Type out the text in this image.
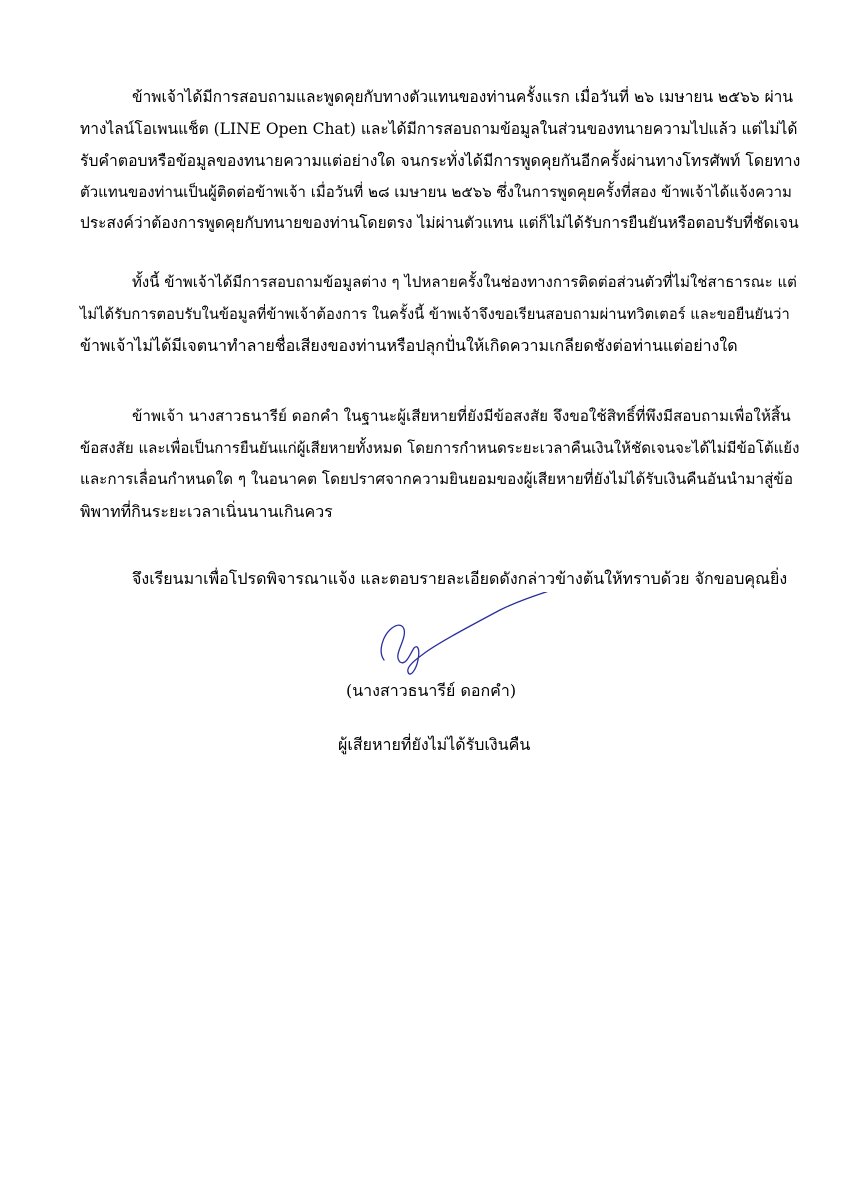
ข้าพเจ้าได้มีการสอบถามและพูดคุยกับทางตัวแทนของท่านครั้งแรก เมื่อวันที่ ๒๖ เมษายน ๒๕๖๖ ผ่าน
ทางไลน์โอเพนแช็ต (LINE Open Chat) และได้มีการสอบถามข้อมูลในส่วนของทนายความไปแล้ว แต่ไม่ได้
รับคำตอบหรือข้อมูลของทนายความแต่อย่างใด จนกระทั่งได้มีการพูดคุยกันอีกครั้งผ่านทางโทรศัพท์ โดยทาง
ตัวแทนของท่านเป็นผู้ติดต่อข้าพเจ้า เมื่อวันที่ ๒๘ เมษายน ๒๕๖๖ ซึ่งในการพูดคุยครั้งที่สอง ข้าพเจ้าได้แจ้งความ
ประสงค์ว่าต้องการพูดคุยกับทนายของท่านโดยตรง ไม่ผ่านตัวแทน แต่ก็ไม่ได้รับการยืนยันหรือตอบรับที่ชัดเจน
ทั้งนี้ ข้าพเจ้าได้มีการสอบถามข้อมูลต่าง ๆ ไปหลายครั้งในช่องทางการติดต่อส่วนตัวที่ไม่ใช่สาธารณะ แต่
ไม่ได้รับการตอบรับในข้อมูลที่ข้าพเจ้าต้องการ ในครั้งนี้ ข้าพเจ้าจึงขอเรียนสอบถามผ่านทวิตเตอร์ และขอยืนยันว่า
ข้าพเจ้าไม่ได้มีเจตนาทำลายชื่อเสียงของท่านหรือปลุกปั่นให้เกิดความเกลียดชังต่อท่านแต่อย่างใด
ข้าพเจ้า นางสาวธนารีย์ ดอกคำ ในฐานะผู้เสียหายที่ยังมีข้อสงสัย จึงขอใช้สิทธิ์ที่พึงมีสอบถามเพื่อให้สิ้น
ข้อสงสัย และเพื่อเป็นการยืนยันแก่ผู้เสียหายทั้งหมด โดยการกำหนดระยะเวลาคืนเงินให้ชัดเจนจะได้ไม่มีข้อโต้แย้ง
และการเลื่อนกำหนดใด ๆ ในอนาคต โดยปราศจากความยินยอมของผู้เสียหายที่ยังไม่ได้รับเงินคืนอันนำมาสู่ข้อ
พิพาทที่กินระยะเวลาเนิ่นนานเกินควร
จึงเรียนมาเพื่อโปรดพิจารณาแจ้ง และตอบรายละเอียดดังกล่าวข้างต้นให้ทราบด้วย จักขอบคุณยิ่ง
(นางสาวธนารีย์ ดอกคำ)
ผู้เสียหายที่ยังไม่ได้รับเงินคืน
